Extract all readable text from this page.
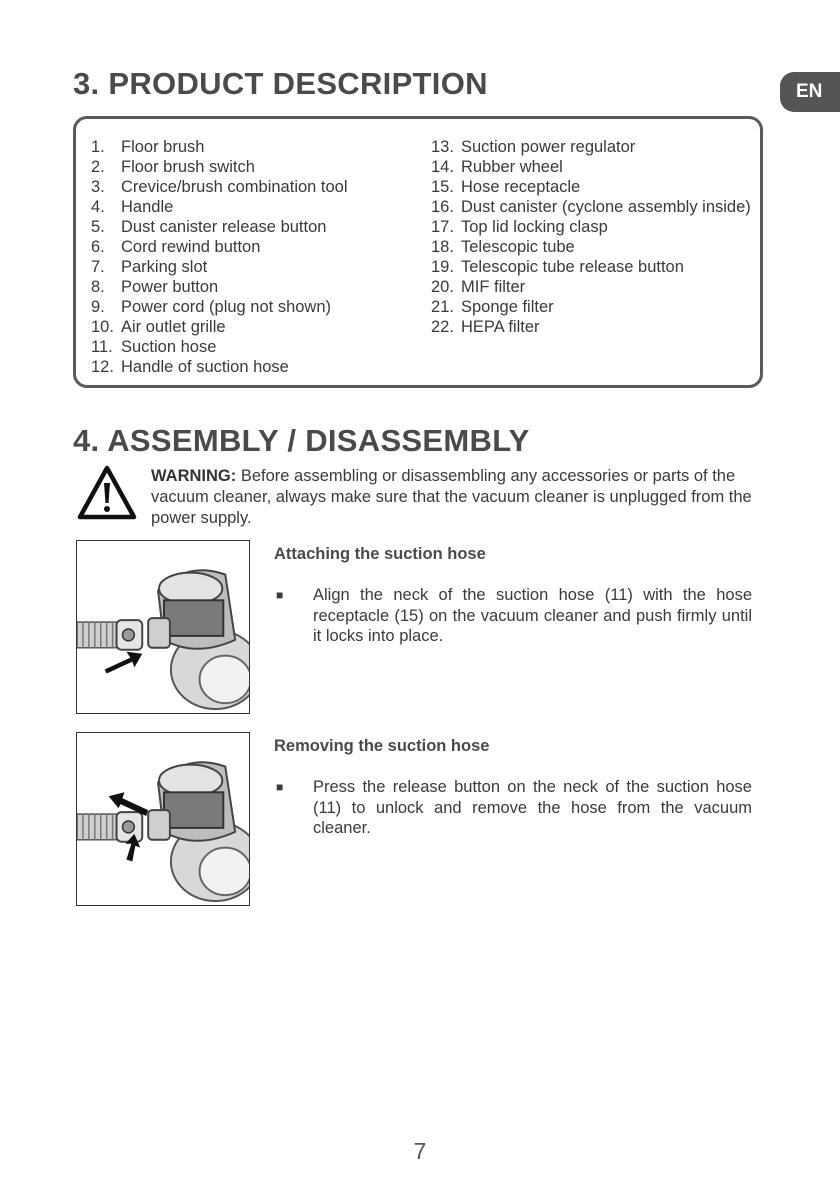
3. PRODUCT DESCRIPTION	EN
1. Floor brush
2. Floor brush switch
3. Crevice/brush combination tool
4. Handle
5. Dust canister release button
6. Cord rewind button
7. Parking slot
8. Power button
9. Power cord (plug not shown)
10. Air outlet grille
11. Suction hose
12. Handle of suction hose
13. Suction power regulator
14. Rubber wheel
15. Hose receptacle
16. Dust canister (cyclone assembly inside)
17. Top lid locking clasp
18. Telescopic tube
19. Telescopic tube release button
20. MIF filter
21. Sponge filter
22. HEPA filter
4. ASSEMBLY / DISASSEMBLY
WARNING: Before assembling or disassembling any accessories or parts of the vacuum cleaner, always make sure that the vacuum cleaner is unplugged from the power supply.
Attaching the suction hose
■	Align the neck of the suction hose (11) with the hose receptacle (15) on the vacuum cleaner and push firmly until it locks into place.
Removing the suction hose
■	Press the release button on the neck of the suction hose (11) to unlock and remove the hose from the vacuum cleaner.
7
